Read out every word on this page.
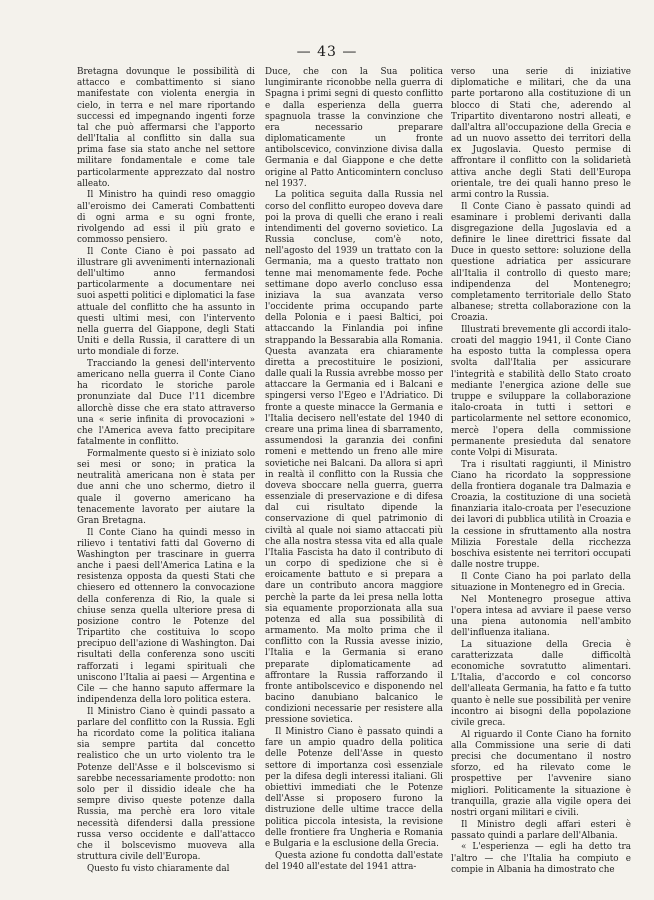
— 43 —

Bretagna dovunque le possibilità di attacco e combattimento si siano manifestate con violenta energia in cielo, in terra e nel mare riportando successi ed impegnando ingenti forze tal che può affermarsi che l'apporto dell'Italia al conflitto sin dalla sua prima fase sia stato anche nel settore militare fondamentale e come tale particolarmente apprezzato dal nostro alleato.

Il Ministro ha quindi reso omaggio all'eroismo dei Camerati Combattenti di ogni arma e su ogni fronte, rivolgendo ad essi il più grato e commosso pensiero.

Il Conte Ciano è poi passato ad illustrare gli avvenimenti internazionali dell'ultimo anno fermandosi particolarmente a documentare nei suoi aspetti politici e diplomatici la fase attuale del conflitto che ha assunto in questi ultimi mesi, con l'intervento nella guerra del Giappone, degli Stati Uniti e della Russia, il carattere di un urto mondiale di forze.

Tracciando la genesi dell'intervento americano nella guerra il Conte Ciano ha ricordato le storiche parole pronunziate dal Duce l'11 dicembre allorchè disse che era stato attraverso una « serie infinita di provocazioni » che l'America aveva fatto precipitare fatalmente in conflitto.

Formalmente questo si è iniziato solo sei mesi or sono; in pratica la neutralità americana non è stata per due anni che uno schermo, dietro il quale il governo americano ha tenacemente lavorato per aiutare la Gran Bretagna.

Il Conte Ciano ha quindi messo in rilievo i tentativi fatti dal Governo di Washington per trascinare in guerra anche i paesi dell'America Latina e la resistenza opposta da questi Stati che chiesero ed ottennero la convocazione della conferenza di Rio, la quale si chiuse senza quella ulteriore presa di posizione contro le Potenze del Tripartito che costituiva lo scopo precipuo dell'azione di Washington. Dai risultati della conferenza sono usciti rafforzati i legami spirituali che uniscono l'Italia ai paesi — Argentina e Cile — che hanno saputo affermare la indipendenza della loro politica estera.

Il Ministro Ciano è quindi passato a parlare del conflitto con la Russia. Egli ha ricordato come la politica italiana sia sempre partita dal concetto realistico che un urto violento tra le Potenze dell'Asse e il bolscevismo si sarebbe necessariamente prodotto: non solo per il dissidio ideale che ha sempre diviso queste potenze dalla Russia, ma perchè era loro vitale necessità difendersi dalla pressione russa verso occidente e dall'attacco che il bolscevismo muoveva alla struttura civile dell'Europa.

Questo fu visto chiaramente dal

Duce, che con la Sua politica lungimirante riconobbe nella guerra di Spagna i primi segni di questo conflitto e dalla esperienza della guerra spagnuola trasse la convinzione che era necessario preparare diplomaticamente un fronte antibolscevico, convinzione divisa dalla Germania e dal Giappone e che dette origine al Patto Anticomintern concluso nel 1937.

La politica seguita dalla Russia nel corso del conflitto europeo doveva dare poi la prova di quelli che erano i reali intendimenti del governo sovietico. La Russia concluse, com'è noto, nell'agosto del 1939 un trattato con la Germania, ma a questo trattato non tenne mai menomamente fede. Poche settimane dopo averlo concluso essa iniziava la sua avanzata verso l'occidente prima occupando parte della Polonia e i paesi Baltici, poi attaccando la Finlandia poi infine strappando la Bessarabia alla Romania. Questa avanzata era chiaramente diretta a precostituire le posizioni, dalle quali la Russia avrebbe mosso per attaccare la Germania ed i Balcani e spingersi verso l'Egeo e l'Adriatico. Di fronte a queste minacce la Germania e l'Italia decisero nell'estate del 1940 di creare una prima linea di sbarramento, assumendosi la garanzia dei confini romeni e mettendo un freno alle mire sovietiche nei Balcani. Da allora si aprì in realtà il conflitto con la Russia che doveva sboccare nella guerra, guerra essenziale di preservazione e di difesa dal cui risultato dipende la conservazione di quel patrimonio di civiltà al quale noi siamo attaccati più che alla nostra stessa vita ed alla quale l'Italia Fascista ha dato il contributo di un corpo di spedizione che si è eroicamente battuto e si prepara a dare un contributo ancora maggiore perchè la parte da lei presa nella lotta sia equamente proporzionata alla sua potenza ed alla sua possibilità di armamento. Ma molto prima che il conflitto con la Russia avesse inizio, l'Italia e la Germania si erano preparate diplomaticamente ad affrontare la Russia rafforzando il fronte antibolscevico e disponendo nel bacino danubiano balcanico le condizioni necessarie per resistere alla pressione sovietica.

Il Ministro Ciano è passato quindi a fare un ampio quadro della politica delle Potenze dell'Asse in questo settore di importanza così essenziale per la difesa degli interessi italiani. Gli obiettivi immediati che le Potenze dell'Asse si proposero furono la distruzione delle ultime tracce della politica piccola intesista, la revisione delle frontiere fra Ungheria e Romania e Bulgaria e la esclusione della Grecia.

Questa azione fu condotta dall'estate del 1940 all'estate del 1941 attra-

verso una serie di iniziative diplomatiche e militari, che da una parte portarono alla costituzione di un blocco di Stati che, aderendo al Tripartito diventarono nostri alleati, e dall'altra all'occupazione della Grecia e ad un nuovo assetto dei territori della ex Jugoslavia. Questo permise di affrontare il conflitto con la solidarietà attiva anche degli Stati dell'Europa orientale, tre dei quali hanno preso le armi contro la Russia.

Il Conte Ciano è passato quindi ad esaminare i problemi derivanti dalla disgregazione della Jugoslavia ed a definire le linee direttrici fissate dal Duce in questo settore: soluzione della questione adriatica per assicurare all'Italia il controllo di questo mare; indipendenza del Montenegro; completamento territoriale dello Stato albanese; stretta collaborazione con la Croazia.

Illustrati brevemente gli accordi italo-croati del maggio 1941, il Conte Ciano ha esposto tutta la complessa opera svolta dall'Italia per assicurare l'integrità e stabilità dello Stato croato mediante l'energica azione delle sue truppe e sviluppare la collaborazione italo-croata in tutti i settori e particolarmente nel settore economico, mercè l'opera della commissione permanente presieduta dal senatore conte Volpi di Misurata.

Tra i risultati raggiunti, il Ministro Ciano ha ricordato la soppressione della frontiera doganale tra Dalmazia e Croazia, la costituzione di una società finanziaria italo-croata per l'esecuzione dei lavori di pubblica utilità in Croazia e la cessione in sfruttamento alla nostra Milizia Forestale della ricchezza boschiva esistente nei territori occupati dalle nostre truppe.

Il Conte Ciano ha poi parlato della situazione in Montenegro ed in Grecia.

Nel Montenegro prosegue attiva l'opera intesa ad avviare il paese verso una piena autonomia nell'ambito dell'influenza italiana.

La situazione della Grecia è caratterizzata dalle difficoltà economiche sovratutto alimentari. L'Italia, d'accordo e col concorso dell'alleata Germania, ha fatto e fa tutto quanto è nelle sue possibilità per venire incontro ai bisogni della popolazione civile greca.

Al riguardo il Conte Ciano ha fornito alla Commissione una serie di dati precisi che documentano il nostro sforzo, ed ha rilevato come le prospettive per l'avvenire siano migliori. Politicamente la situazione è tranquilla, grazie alla vigile opera dei nostri organi militari e civili.

Il Ministro degli affari esteri è passato quindi a parlare dell'Albania.

« L'esperienza — egli ha detto tra l'altro — che l'Italia ha compiuto e compie in Albania ha dimostrato che
